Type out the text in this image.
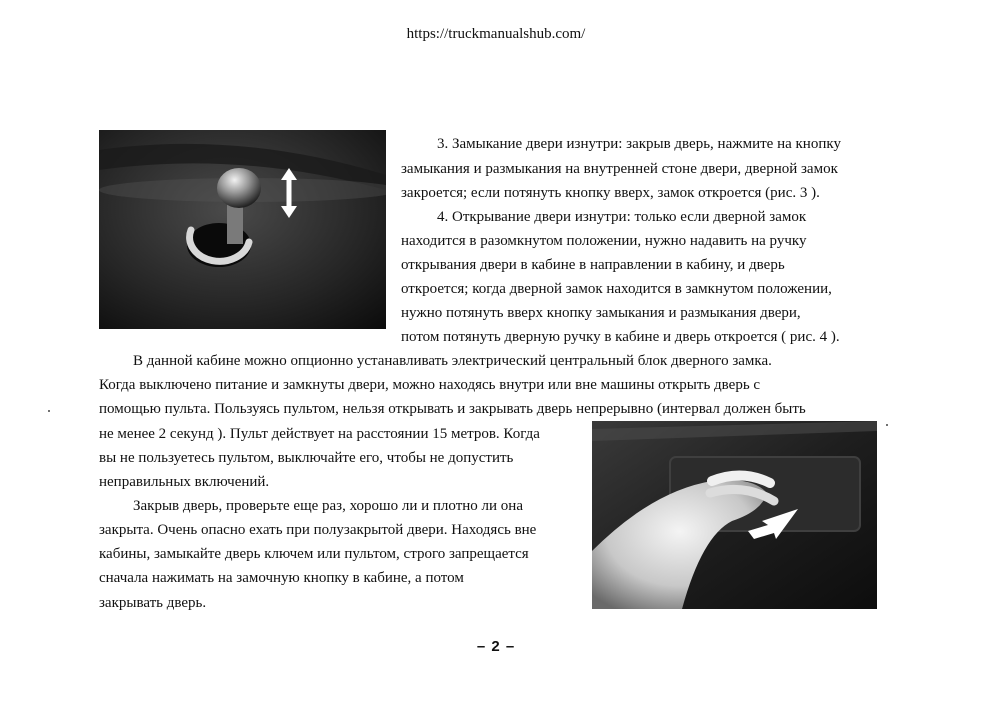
https://truckmanualshub.com/
3. Замыкание двери изнутри: закрыв дверь, нажмите на кнопку
замыкания и размыкания на внутренней стоне двери, дверной замок
закроется; если потянуть кнопку вверх, замок откроется (рис. 3 ).
4. Открывание двери изнутри: только если дверной замок
находится в разомкнутом положении, нужно надавить на ручку
открывания двери в кабине в направлении в кабину, и дверь
откроется; когда дверной замок находится в замкнутом положении,
нужно потянуть вверх кнопку замыкания и размыкания двери,
потом потянуть дверную ручку в кабине и дверь откроется ( рис. 4 ).
В данной кабине можно опционно устанавливать электрический центральный блок дверного замка.
Когда выключено питание и замкнуты двери, можно находясь внутри или вне машины открыть дверь с
помощью пульта. Пользуясь пультом, нельзя открывать и закрывать дверь непрерывно (интервал должен быть
не менее 2 секунд ). Пульт действует на расстоянии 15 метров. Когда
вы не пользуетесь пультом, выключайте его, чтобы не допустить
неправильных включений.
Закрыв дверь, проверьте еще раз, хорошо ли и плотно ли она
закрыта. Очень опасно ехать при полузакрытой двери. Находясь вне
кабины, замыкайте дверь ключем или пультом, строго запрещается
сначала нажимать на замочную кнопку в кабине, а потом
закрывать дверь.
– 2 –
